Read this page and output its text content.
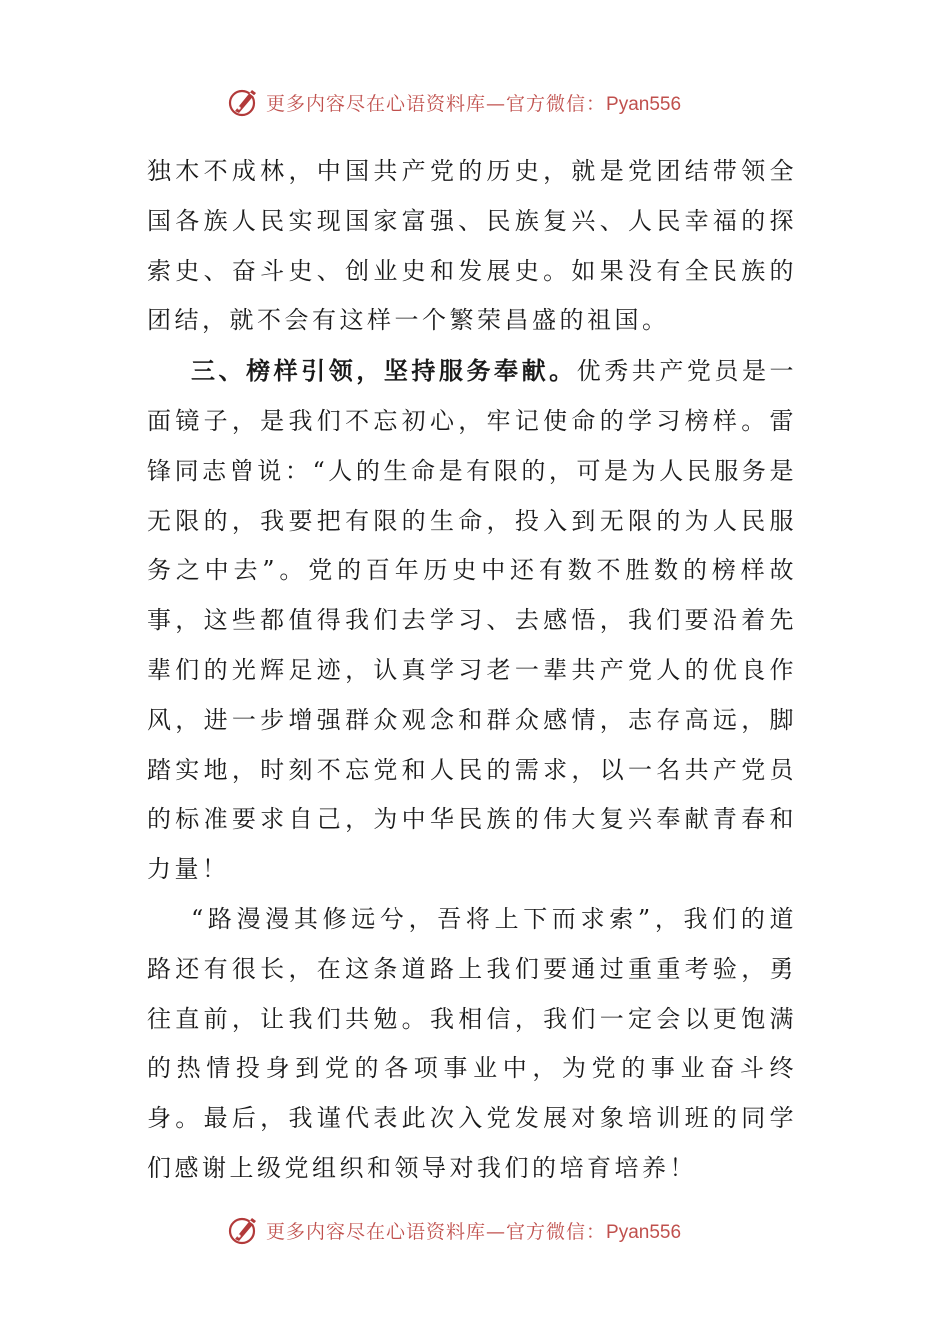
更多内容尽在心语资料库—官方微信：Pyan556

独木不成林，中国共产党的历史，就是党团结带领全国各族人民实现国家富强、民族复兴、人民幸福的探索史、奋斗史、创业史和发展史。如果没有全民族的团结，就不会有这样一个繁荣昌盛的祖国。

三、榜样引领，坚持服务奉献。优秀共产党员是一面镜子，是我们不忘初心，牢记使命的学习榜样。雷锋同志曾说：“人的生命是有限的，可是为人民服务是无限的，我要把有限的生命，投入到无限的为人民服务之中去”。党的百年历史中还有数不胜数的榜样故事，这些都值得我们去学习、去感悟，我们要沿着先辈们的光辉足迹，认真学习老一辈共产党人的优良作风，进一步增强群众观念和群众感情，志存高远，脚踏实地，时刻不忘党和人民的需求，以一名共产党员的标准要求自己，为中华民族的伟大复兴奉献青春和力量！

“路漫漫其修远兮，吾将上下而求索”，我们的道路还有很长，在这条道路上我们要通过重重考验，勇往直前，让我们共勉。我相信，我们一定会以更饱满的热情投身到党的各项事业中，为党的事业奋斗终身。最后，我谨代表此次入党发展对象培训班的同学们感谢上级党组织和领导对我们的培育培养！

更多内容尽在心语资料库—官方微信：Pyan556
